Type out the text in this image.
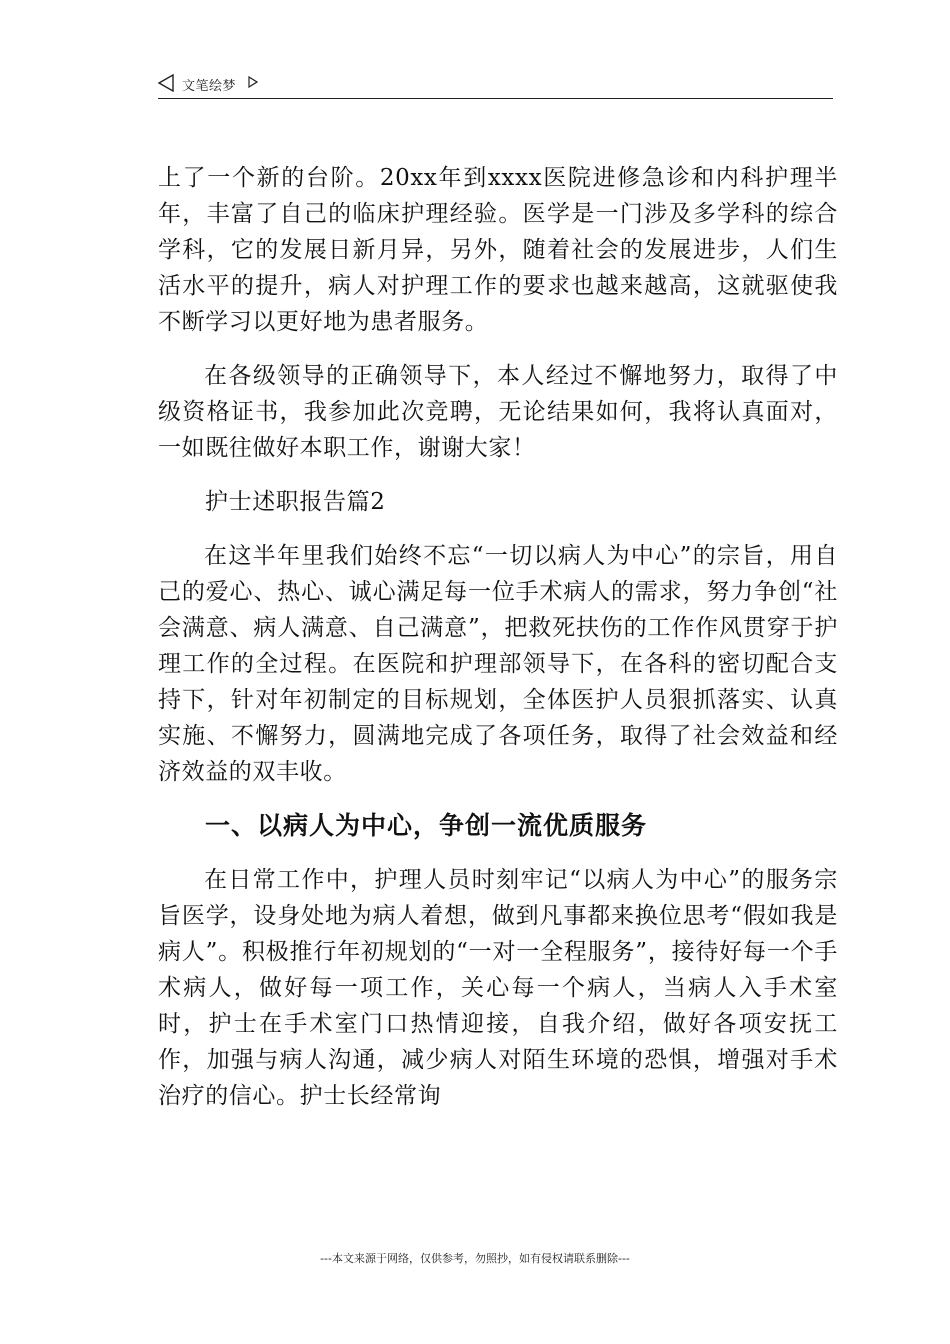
文笔绘梦

上了一个新的台阶。20xx年到xxxx医院进修急诊和内科护理半年，丰富了自己的临床护理经验。医学是一门涉及多学科的综合学科，它的发展日新月异，另外，随着社会的发展进步，人们生活水平的提升，病人对护理工作的要求也越来越高，这就驱使我不断学习以更好地为患者服务。

在各级领导的正确领导下，本人经过不懈地努力，取得了中级资格证书，我参加此次竞聘，无论结果如何，我将认真面对，一如既往做好本职工作，谢谢大家！

护士述职报告篇2

在这半年里我们始终不忘“一切以病人为中心”的宗旨，用自己的爱心、热心、诚心满足每一位手术病人的需求，努力争创“社会满意、病人满意、自己满意”，把救死扶伤的工作作风贯穿于护理工作的全过程。在医院和护理部领导下，在各科的密切配合支持下，针对年初制定的目标规划，全体医护人员狠抓落实、认真实施、不懈努力，圆满地完成了各项任务，取得了社会效益和经济效益的双丰收。

一、以病人为中心，争创一流优质服务

在日常工作中，护理人员时刻牢记“以病人为中心”的服务宗旨医学，设身处地为病人着想，做到凡事都来换位思考“假如我是病人”。积极推行年初规划的“一对一全程服务”，接待好每一个手术病人，做好每一项工作，关心每一个病人，当病人入手术室时，护士在手术室门口热情迎接，自我介绍，做好各项安抚工作，加强与病人沟通，减少病人对陌生环境的恐惧，增强对手术治疗的信心。护士长经常询

---本文来源于网络，仅供参考，勿照抄，如有侵权请联系删除---
